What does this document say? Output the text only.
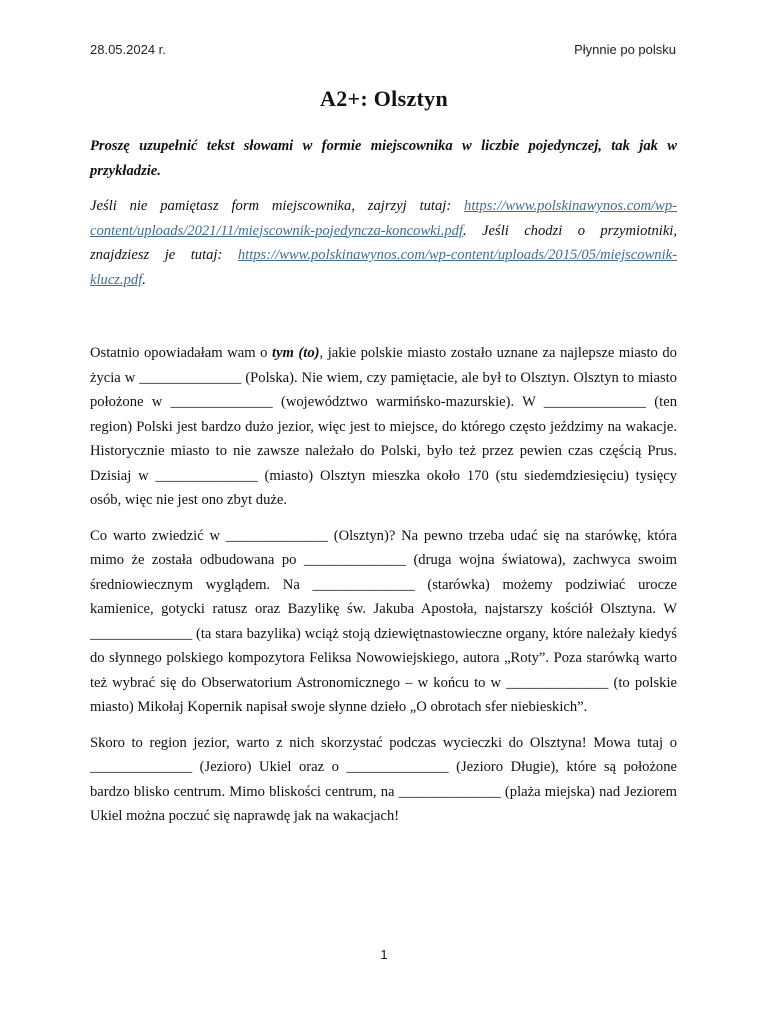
28.05.2024 r.	Płynnie po polsku
A2+: Olsztyn

Proszę uzupełnić tekst słowami w formie miejscownika w liczbie pojedynczej, tak jak w przykładzie.

Jeśli nie pamiętasz form miejscownika, zajrzyj tutaj: https://www.polskinawynos.com/wp-content/uploads/2021/11/miejscownik-pojedyncza-koncowki.pdf. Jeśli chodzi o przymiotniki, znajdziesz je tutaj: https://www.polskinawynos.com/wp-content/uploads/2015/05/miejscownik-klucz.pdf.

Ostatnio opowiadałam wam o tym (to), jakie polskie miasto zostało uznane za najlepsze miasto do życia w ______________ (Polska). Nie wiem, czy pamiętacie, ale był to Olsztyn. Olsztyn to miasto położone w ______________ (województwo warmińsko-mazurskie). W ______________ (ten region) Polski jest bardzo dużo jezior, więc jest to miejsce, do którego często jeździmy na wakacje. Historycznie miasto to nie zawsze należało do Polski, było też przez pewien czas częścią Prus. Dzisiaj w ______________ (miasto) Olsztyn mieszka około 170 (stu siedemdziesięciu) tysięcy osób, więc nie jest ono zbyt duże.

Co warto zwiedzić w ______________ (Olsztyn)? Na pewno trzeba udać się na starówkę, która mimo że została odbudowana po ______________ (druga wojna światowa), zachwyca swoim średniowiecznym wyglądem. Na ______________ (starówka) możemy podziwiać urocze kamienice, gotycki ratusz oraz Bazylikę św. Jakuba Apostoła, najstarszy kościół Olsztyna. W ______________ (ta stara bazylika) wciąż stoją dziewiętnastowieczne organy, które należały kiedyś do słynnego polskiego kompozytora Feliksa Nowowiejskiego, autora „Roty”. Poza starówką warto też wybrać się do Obserwatorium Astronomicznego – w końcu to w ______________ (to polskie miasto) Mikołaj Kopernik napisał swoje słynne dzieło „O obrotach sfer niebieskich”.

Skoro to region jezior, warto z nich skorzystać podczas wycieczki do Olsztyna! Mowa tutaj o ______________ (Jezioro) Ukiel oraz o ______________ (Jezioro Długie), które są położone bardzo blisko centrum. Mimo bliskości centrum, na ______________ (plaża miejska) nad Jeziorem Ukiel można poczuć się naprawdę jak na wakacjach!

1
